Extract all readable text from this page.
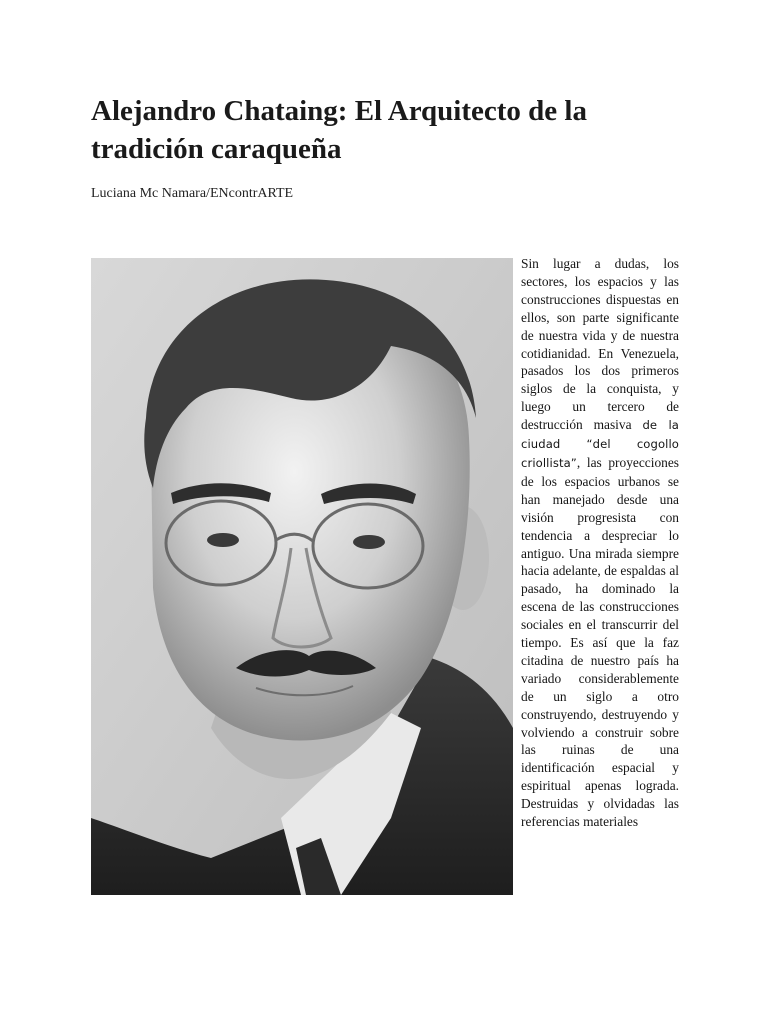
Alejandro Chataing: El Arquitecto de la tradición caraqueña
Luciana Mc Namara/ENcontrARTE

Sin lugar a dudas, los sectores, los espacios y las construcciones dispuestas en ellos, son parte significante de nuestra vida y de nuestra cotidianidad. En Venezuela, pasados los dos primeros siglos de la conquista, y luego un tercero de destrucción masiva de la ciudad “del cogollo criollista”, las proyecciones de los espacios urbanos se han manejado desde una visión progresista con tendencia a despreciar lo antiguo. Una mirada siempre hacia adelante, de espaldas al pasado, ha dominado la escena de las construcciones sociales en el transcurrir del tiempo. Es así que la faz citadina de nuestro país ha variado considerablemente de un siglo a otro construyendo, destruyendo y volviendo a construir sobre las ruinas de una identificación espacial y espiritual apenas lograda. Destruidas y olvidadas las referencias materiales
